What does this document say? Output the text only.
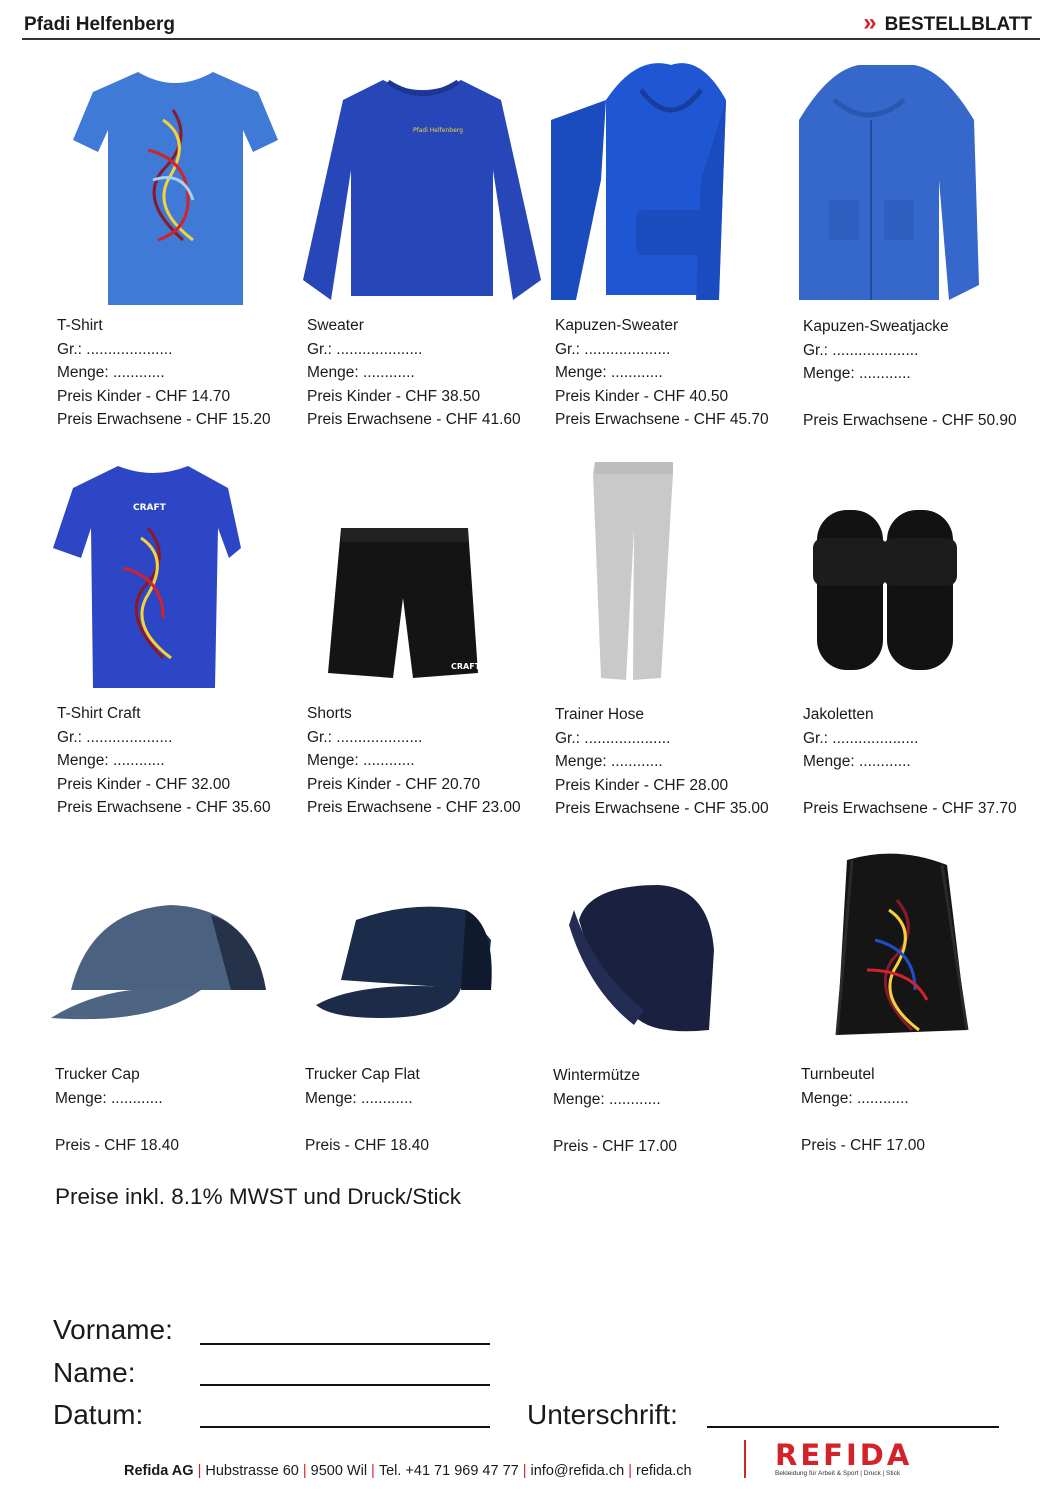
Pfadi Helfenberg	» BESTELLBLATT
T-Shirt
Gr.: ....................
Menge: ............
Preis Kinder - CHF 14.70
Preis Erwachsene - CHF 15.20
Pfadi Helfenberg
Sweater
Gr.: ....................
Menge: ............
Preis Kinder - CHF 38.50
Preis Erwachsene - CHF 41.60
Kapuzen-Sweater
Gr.: ....................
Menge: ............
Preis Kinder - CHF 40.50
Preis Erwachsene - CHF 45.70
Kapuzen-Sweatjacke
Gr.: ....................
Menge: ............
Preis Erwachsene - CHF 50.90
CRAFT
T-Shirt Craft
Gr.: ....................
Menge: ............
Preis Kinder - CHF 32.00
Preis Erwachsene - CHF 35.60
CRAFT
Shorts
Gr.: ....................
Menge: ............
Preis Kinder - CHF 20.70
Preis Erwachsene - CHF 23.00
Trainer Hose
Gr.: ....................
Menge: ............
Preis Kinder - CHF 28.00
Preis Erwachsene - CHF 35.00
Jakoletten
Gr.: ....................
Menge: ............
Preis Erwachsene - CHF 37.70
Trucker Cap
Menge: ............
Preis - CHF 18.40
Trucker Cap Flat
Menge: ............
Preis - CHF 18.40
Wintermütze
Menge: ............
Preis - CHF 17.00
Turnbeutel
Menge: ............
Preis - CHF 17.00
Preise inkl. 8.1% MWST und Druck/Stick
Vorname:
Name:
Datum:	Unterschrift:
Refida AG | Hubstrasse 60 | 9500 Wil | Tel. +41 71 969 47 77 | info@refida.ch | refida.ch	REFIDA
Bekleidung für Arbeit & Sport | Druck | Stick
